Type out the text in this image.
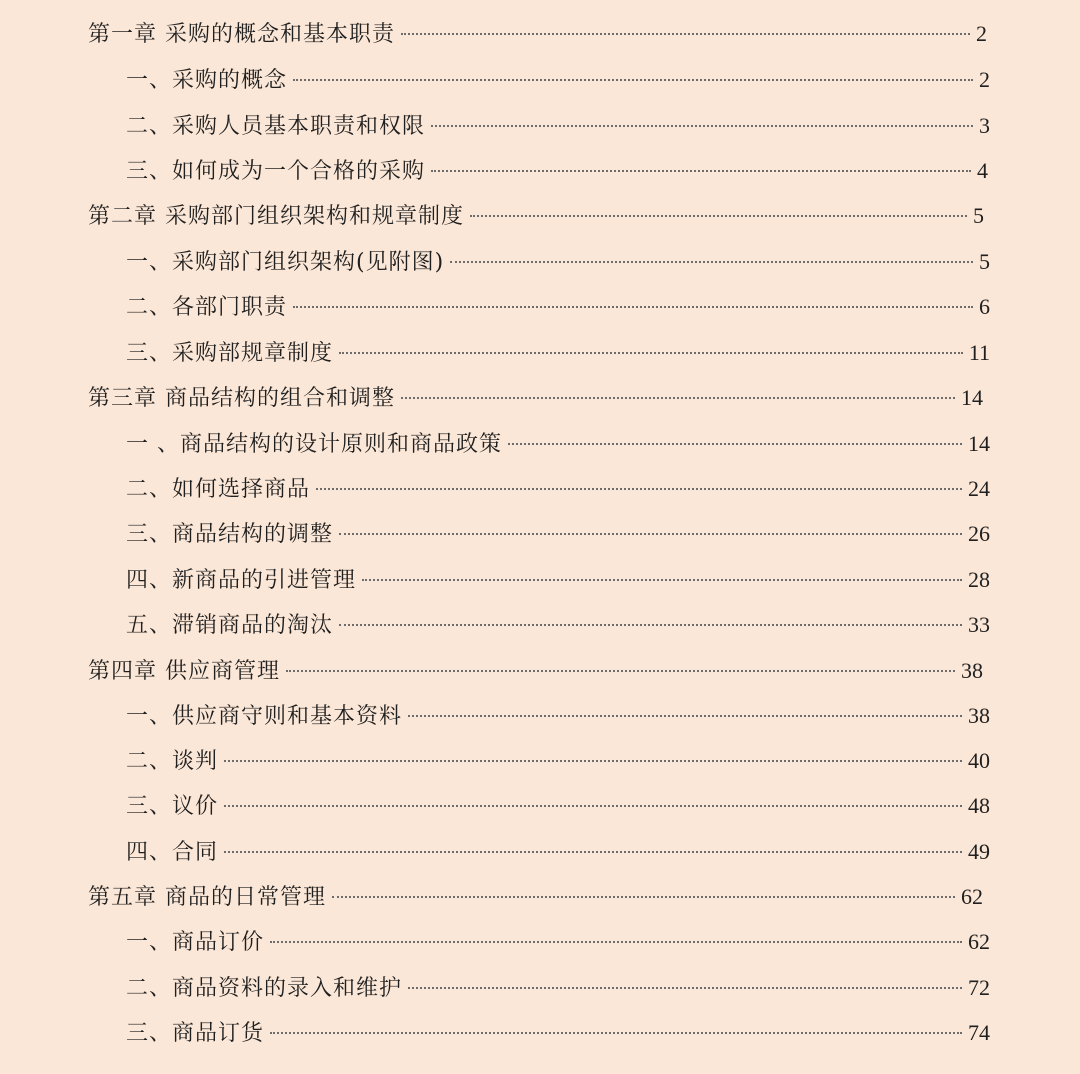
第一章 采购的概念和基本职责	2
一、采购的概念	2
二、采购人员基本职责和权限	3
三、如何成为一个合格的采购	4
第二章 采购部门组织架构和规章制度	5
一、采购部门组织架构(见附图)	5
二、各部门职责	6
三、采购部规章制度	11
第三章 商品结构的组合和调整	14
一 、商品结构的设计原则和商品政策	14
二、如何选择商品	24
三、商品结构的调整	26
四、新商品的引进管理	28
五、滞销商品的淘汰	33
第四章 供应商管理	38
一、供应商守则和基本资料	38
二、谈判	40
三、议价	48
四、合同	49
第五章 商品的日常管理	62
一、商品订价	62
二、商品资料的录入和维护	72
三、商品订货	74
